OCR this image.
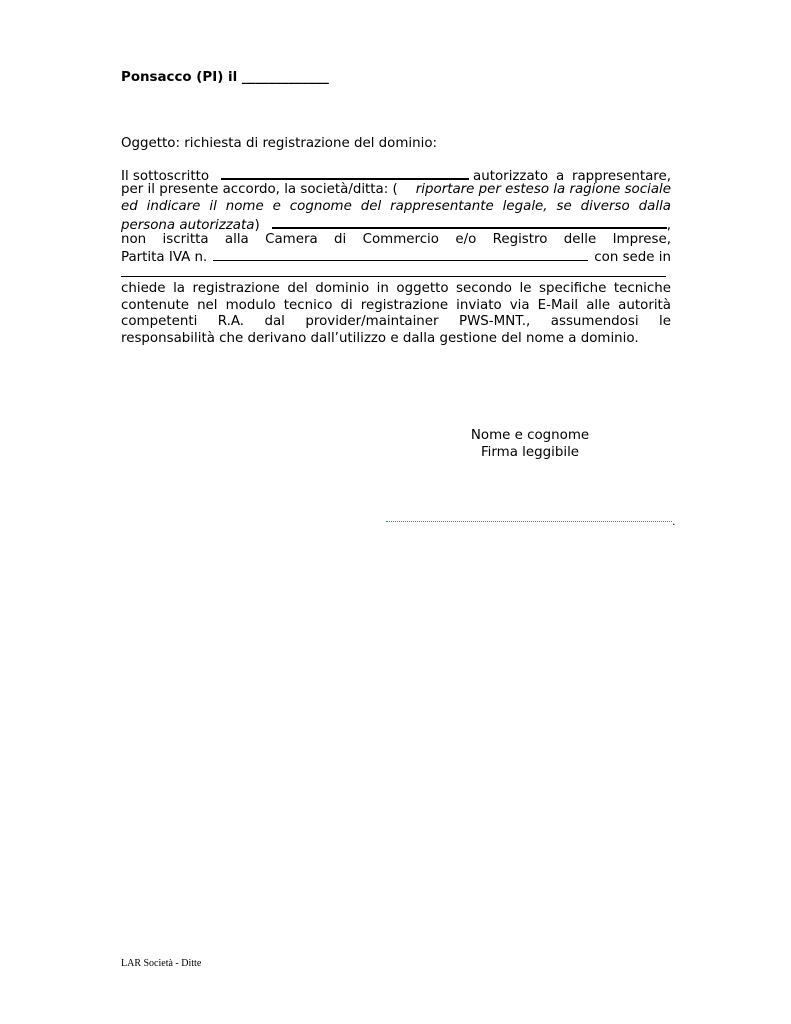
Ponsacco (PI) il _____________
Oggetto: richiesta di registrazione del dominio:
Il sottoscritto	autorizzato a rappresentare,
per il presente accordo, la società/ditta: ( riportare per esteso la ragione sociale
ed indicare il nome e cognome del rappresentante legale, se diverso dalla
persona autorizzata )	,
non iscritta alla Camera di Commercio e/o Registro delle Imprese,
Partita IVA n.	con sede in
chiede la registrazione del dominio in oggetto secondo le specifiche tecniche contenute nel modulo tecnico di registrazione inviato via E-Mail alle autorità competenti R.A. dal provider/maintainer PWS-MNT., assumendosi le responsabilità che derivano dall’utilizzo e dalla gestione del nome a dominio.
Nome e cognome
Firma leggibile
.
LAR Società - Ditte
